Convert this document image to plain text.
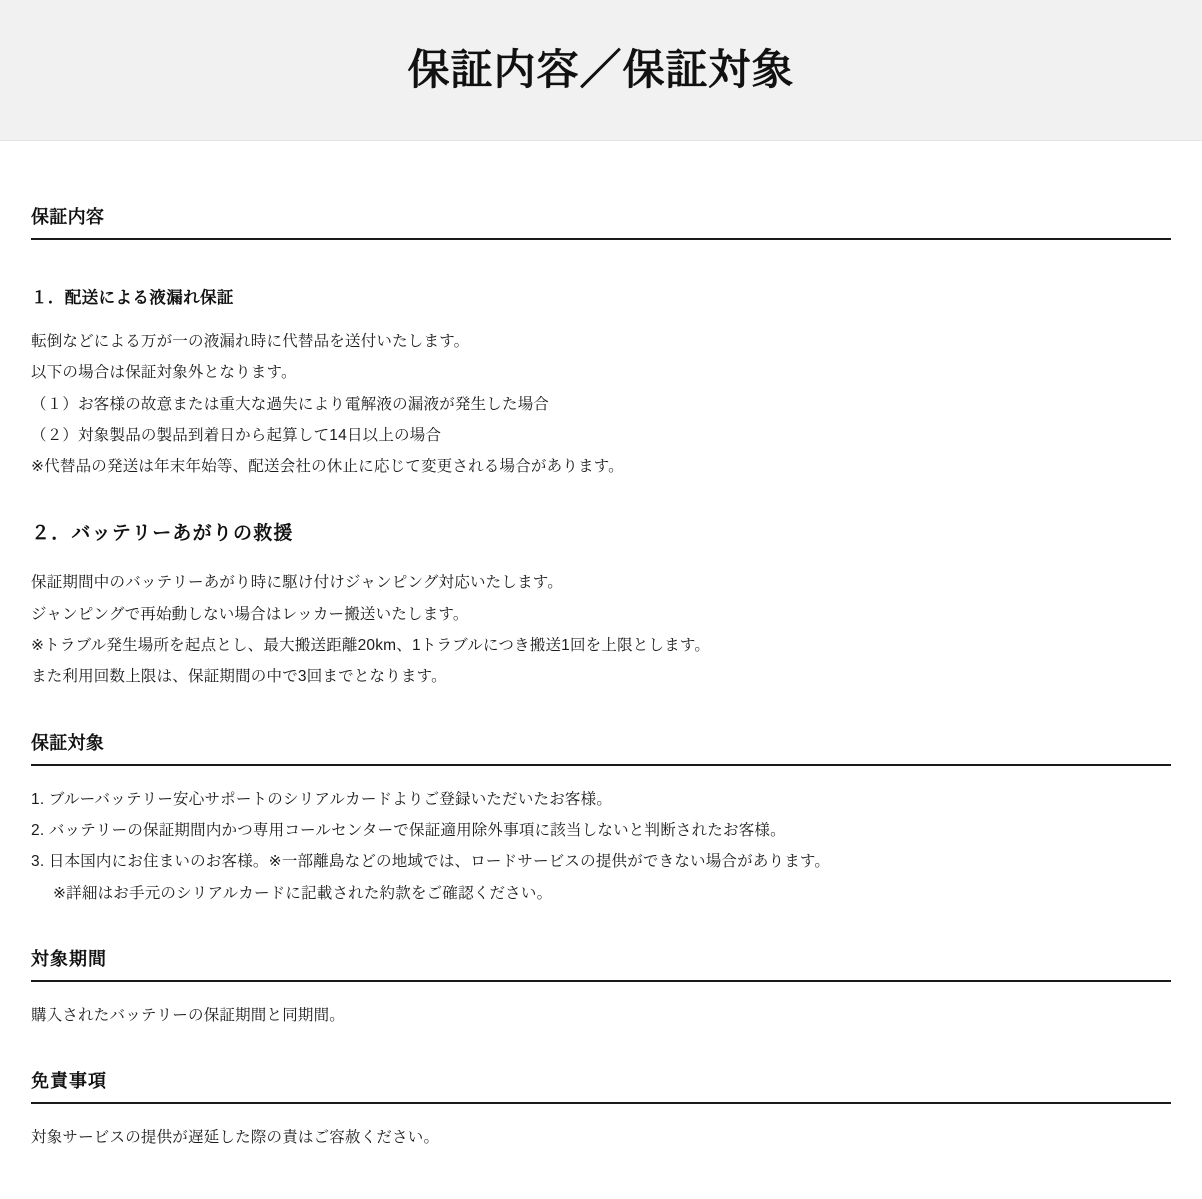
保証内容／保証対象
保証内容
１．配送による液漏れ保証

転倒などによる万が一の液漏れ時に代替品を送付いたします。

以下の場合は保証対象外となります。

（１）お客様の故意または重大な過失により電解液の漏液が発生した場合

（２）対象製品の製品到着日から起算して14日以上の場合

※代替品の発送は年末年始等、配送会社の休止に応じて変更される場合があります。

２．バッテリーあがりの救援

保証期間中のバッテリーあがり時に駆け付けジャンピング対応いたします。

ジャンピングで再始動しない場合はレッカー搬送いたします。

※トラブル発生場所を起点とし、最大搬送距離20km、1トラブルにつき搬送1回を上限とします。

また利用回数上限は、保証期間の中で3回までとなります。

保証対象
1. ブルーバッテリー安心サポートのシリアルカードよりご登録いただいたお客様。
2. バッテリーの保証期間内かつ専用コールセンターで保証適用除外事項に該当しないと判断されたお客様。
3. 日本国内にお住まいのお客様。※一部離島などの地域では、ロードサービスの提供ができない場合があります。

※詳細はお手元のシリアルカードに記載された約款をご確認ください。

対象期間

購入されたバッテリーの保証期間と同期間。

免責事項

対象サービスの提供が遅延した際の責はご容赦ください。
